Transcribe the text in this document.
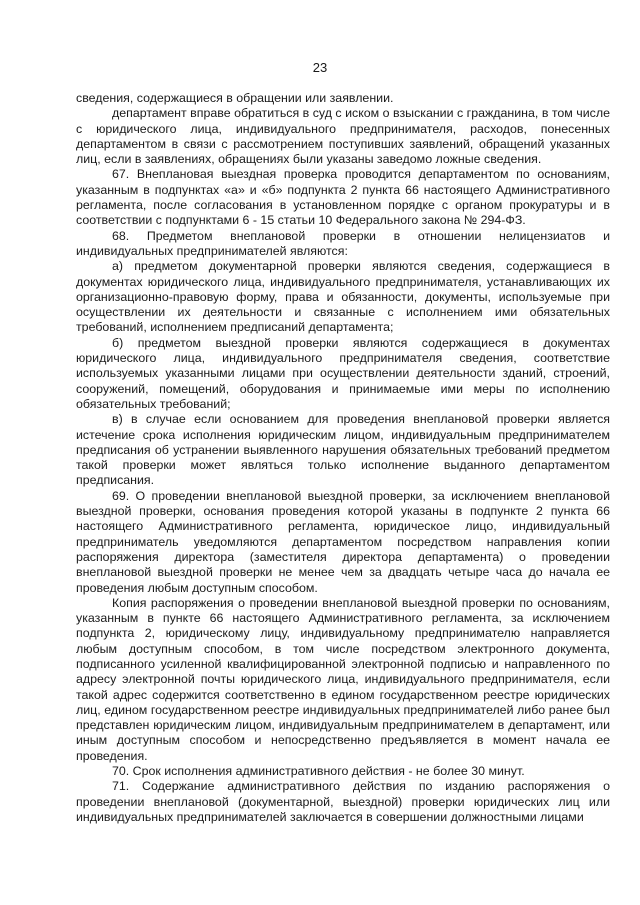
23

сведения, содержащиеся в обращении или заявлении.

департамент вправе обратиться в суд с иском о взыскании с гражданина, в том числе с юридического лица, индивидуального предпринимателя, расходов, понесенных департаментом в связи с рассмотрением поступивших заявлений, обращений указанных лиц, если в заявлениях, обращениях были указаны заведомо ложные сведения.

67. Внеплановая выездная проверка проводится департаментом по основаниям, указанным в подпунктах «а» и «б» подпункта 2 пункта 66 настоящего Административного регламента, после согласования в установленном порядке с органом прокуратуры и в соответствии с подпунктами 6 - 15 статьи 10 Федерального закона № 294-ФЗ.

68. Предметом внеплановой проверки в отношении нелицензиатов и индивидуальных предпринимателей являются:

а) предметом документарной проверки являются сведения, содержащиеся в документах юридического лица, индивидуального предпринимателя, устанавливающих их организационно-правовую форму, права и обязанности, документы, используемые при осуществлении их деятельности и связанные с исполнением ими обязательных требований, исполнением предписаний департамента;

б) предметом выездной проверки являются содержащиеся в документах юридического лица, индивидуального предпринимателя сведения, соответствие используемых указанными лицами при осуществлении деятельности зданий, строений, сооружений, помещений, оборудования и принимаемые ими меры по исполнению обязательных требований;

в) в случае если основанием для проведения внеплановой проверки является истечение срока исполнения юридическим лицом, индивидуальным предпринимателем предписания об устранении выявленного нарушения обязательных требований предметом такой проверки может являться только исполнение выданного департаментом предписания.

69. О проведении внеплановой выездной проверки, за исключением внеплановой выездной проверки, основания проведения которой указаны в подпункте 2 пункта 66 настоящего Административного регламента, юридическое лицо, индивидуальный предприниматель уведомляются департаментом посредством направления копии распоряжения директора (заместителя директора департамента) о проведении внеплановой выездной проверки не менее чем за двадцать четыре часа до начала ее проведения любым доступным способом.

Копия распоряжения о проведении внеплановой выездной проверки по основаниям, указанным в пункте 66 настоящего Административного регламента, за исключением подпункта 2, юридическому лицу, индивидуальному предпринимателю направляется любым доступным способом, в том числе посредством электронного документа, подписанного усиленной квалифицированной электронной подписью и направленного по адресу электронной почты юридического лица, индивидуального предпринимателя, если такой адрес содержится соответственно в едином государственном реестре юридических лиц, едином государственном реестре индивидуальных предпринимателей либо ранее был представлен юридическим лицом, индивидуальным предпринимателем в департамент, или иным доступным способом и непосредственно предъявляется в момент начала ее проведения.

70. Срок исполнения административного действия - не более 30 минут.

71. Содержание административного действия по изданию распоряжения о проведении внеплановой (документарной, выездной) проверки юридических лиц или индивидуальных предпринимателей заключается в совершении должностными лицами
